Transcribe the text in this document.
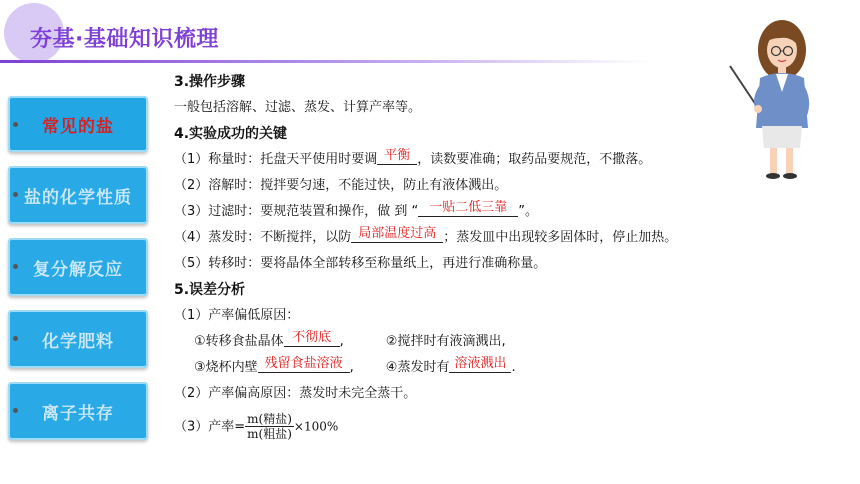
夯基·基础知识梳理
常见的盐
盐的化学性质
复分解反应
化学肥料
离子共存
3.操作步骤
一般包括溶解、过滤、蒸发、计算产率等。
4.实验成功的关键
（1）称量时：托盘天平使用时要调 平衡 ，读数要准确；取药品要规范，不撒落。
（2）溶解时：搅拌要匀速，不能过快，防止有液体溅出。
（3）过滤时：要规范装置和操作，做 到 “ 一贴二低三靠 ”。
（4）蒸发时：不断搅拌，以防 局部温度过高 ；蒸发皿中出现较多固体时，停止加热。
（5）转移时：要将晶体全部转移至称量纸上，再进行准确称量。
5.误差分析
（1）产率偏低原因：
①转移食盐晶体 不彻底 ,	②搅拌时有液滴溅出,
③烧杯内壁 残留食盐溶液 , ④蒸发时有 溶液溅出 .
（2）产率偏高原因：蒸发时未完全蒸干。
（3）产率= $\frac{\text{m(精盐)}}{\text{m(粗盐)}} \times 100\%$
